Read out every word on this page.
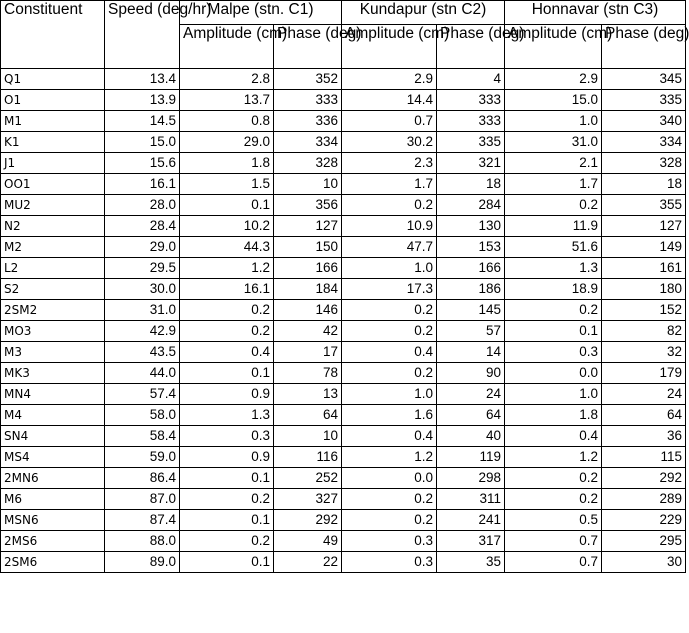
Constituent	Speed (deg/hr)	Malpe (stn. C1)		Kundapur (stn C2)		Honnavar (stn C3)	
		Amplitude (cm)	Phase (deg)	Amplitude (cm)	Phase (deg)	Amplitude (cm)	Phase (deg)
Q1	13.4	2.8	352	2.9	4	2.9	345
O1	13.9	13.7	333	14.4	333	15.0	335
M1	14.5	0.8	336	0.7	333	1.0	340
K1	15.0	29.0	334	30.2	335	31.0	334
J1	15.6	1.8	328	2.3	321	2.1	328
OO1	16.1	1.5	10	1.7	18	1.7	18
MU2	28.0	0.1	356	0.2	284	0.2	355
N2	28.4	10.2	127	10.9	130	11.9	127
M2	29.0	44.3	150	47.7	153	51.6	149
L2	29.5	1.2	166	1.0	166	1.3	161
S2	30.0	16.1	184	17.3	186	18.9	180
2SM2	31.0	0.2	146	0.2	145	0.2	152
MO3	42.9	0.2	42	0.2	57	0.1	82
M3	43.5	0.4	17	0.4	14	0.3	32
MK3	44.0	0.1	78	0.2	90	0.0	179
MN4	57.4	0.9	13	1.0	24	1.0	24
M4	58.0	1.3	64	1.6	64	1.8	64
SN4	58.4	0.3	10	0.4	40	0.4	36
MS4	59.0	0.9	116	1.2	119	1.2	115
2MN6	86.4	0.1	252	0.0	298	0.2	292
M6	87.0	0.2	327	0.2	311	0.2	289
MSN6	87.4	0.1	292	0.2	241	0.5	229
2MS6	88.0	0.2	49	0.3	317	0.7	295
2SM6	89.0	0.1	22	0.3	35	0.7	30
